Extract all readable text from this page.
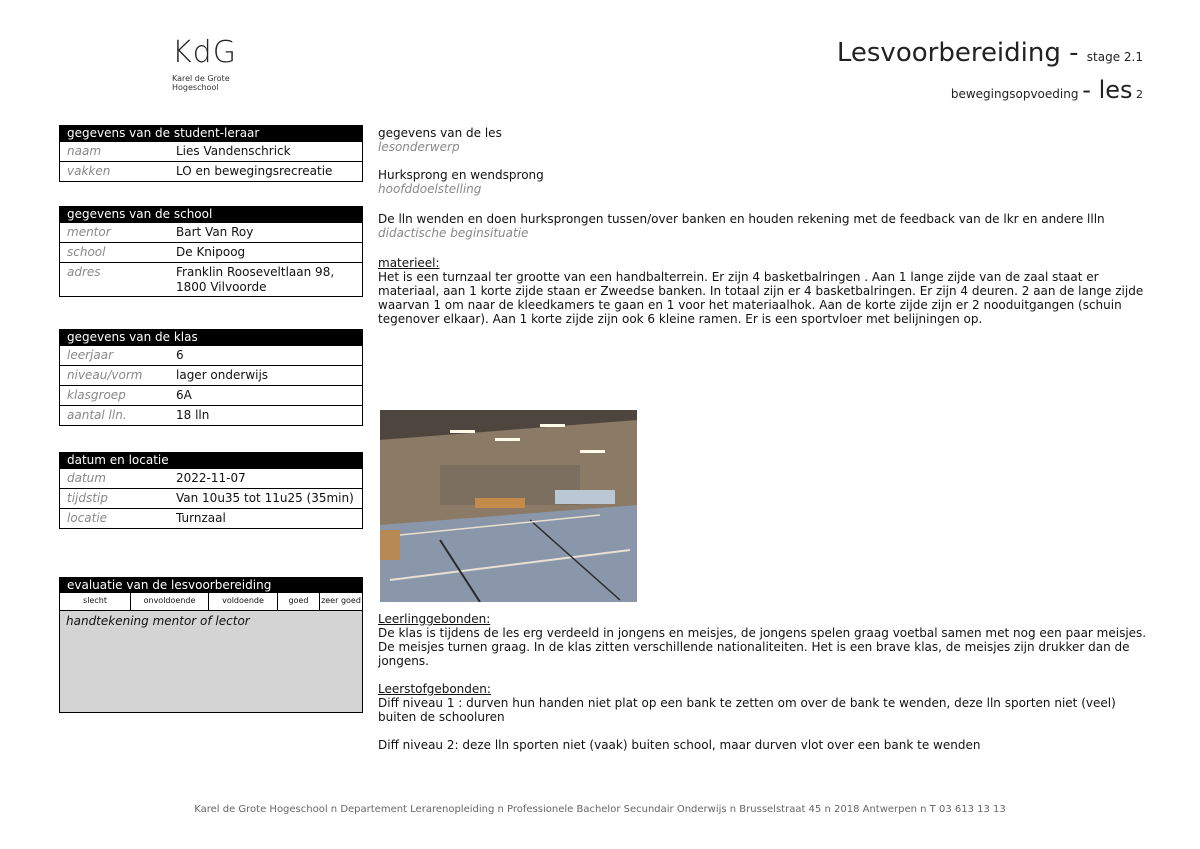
KdG
Karel de Grote
Hogeschool
Lesvoorbereiding - stage 2.1
bewegingsopvoeding - les 2
gegevens van de student-leraar
naam	Lies Vandenschrick
vakken	LO en bewegingsrecreatie
gegevens van de school
mentor	Bart Van Roy
school	De Knipoog
adres	Franklin Rooseveltlaan 98, 1800 Vilvoorde
gegevens van de klas
leerjaar	6
niveau/vorm	lager onderwijs
klasgroep	6A
aantal lln.	18 lln
datum en locatie
datum	2022-11-07
tijdstip	Van 10u35 tot 11u25 (35min)
locatie	Turnzaal
evaluatie van de lesvoorbereiding
slecht	onvoldoende	voldoende	goed	zeer goed
handtekening mentor of lector

gegevens van de les

lesonderwerp

Hurksprong en wendsprong

hoofddoelstelling

De lln wenden en doen hurksprongen tussen/over banken en houden rekening met de feedback van de lkr en andere llln

didactische beginsituatie

materieel:

Het is een turnzaal ter grootte van een handbalterrein. Er zijn 4 basketbalringen . Aan 1 lange zijde van de zaal staat er materiaal, aan 1 korte zijde staan er Zweedse banken. In totaal zijn er 4 basketbalringen. Er zijn 4 deuren. 2 aan de lange zijde waarvan 1 om naar de kleedkamers te gaan en 1 voor het materiaalhok. Aan de korte zijde zijn er 2 nooduitgangen (schuin tegenover elkaar). Aan 1 korte zijde zijn ook 6 kleine ramen. Er is een sportvloer met belijningen op.

Leerlinggebonden:

De klas is tijdens de les erg verdeeld in jongens en meisjes, de jongens spelen graag voetbal samen met nog een paar meisjes. De meisjes turnen graag. In de klas zitten verschillende nationaliteiten. Het is een brave klas, de meisjes zijn drukker dan de jongens.

Leerstofgebonden:

Diff niveau 1 : durven hun handen niet plat op een bank te zetten om over de bank te wenden, deze lln sporten niet (veel) buiten de schooluren

Diff niveau 2: deze lln sporten niet (vaak) buiten school, maar durven vlot over een bank te wenden

Karel de Grote Hogeschool n Departement Lerarenopleiding n Professionele Bachelor Secundair Onderwijs n Brusselstraat 45 n 2018 Antwerpen n T 03 613 13 13
